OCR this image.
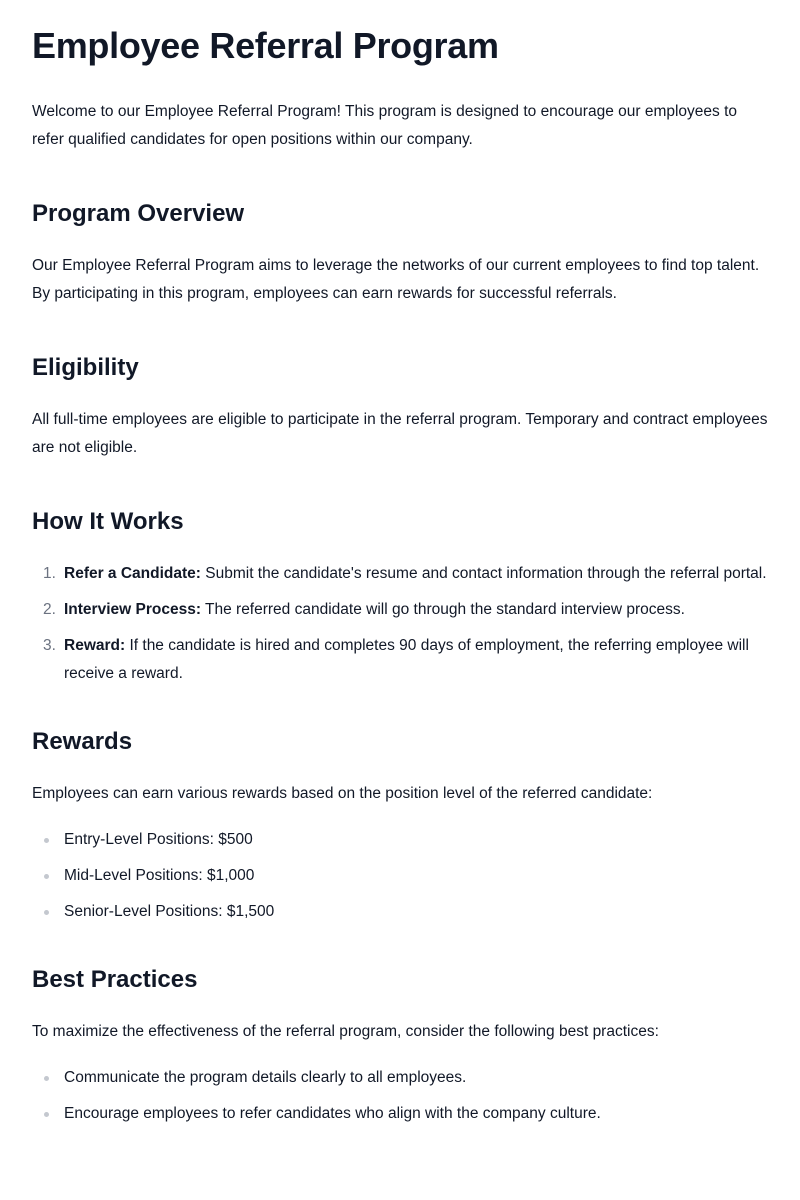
Employee Referral Program

Welcome to our Employee Referral Program! This program is designed to encourage our employees to refer qualified candidates for open positions within our company.

Program Overview

Our Employee Referral Program aims to leverage the networks of our current employees to find top talent. By participating in this program, employees can earn rewards for successful referrals.

Eligibility

All full-time employees are eligible to participate in the referral program. Temporary and contract employees are not eligible.

How It Works
1. Refer a Candidate: Submit the candidate's resume and contact information through the referral portal.
2. Interview Process: The referred candidate will go through the standard interview process.
3. Reward: If the candidate is hired and completes 90 days of employment, the referring employee will receive a reward.
Rewards

Employees can earn various rewards based on the position level of the referred candidate:

Entry-Level Positions: $500
Mid-Level Positions: $1,000
Senior-Level Positions: $1,500
Best Practices

To maximize the effectiveness of the referral program, consider the following best practices:

Communicate the program details clearly to all employees.
Encourage employees to refer candidates who align with the company culture.
